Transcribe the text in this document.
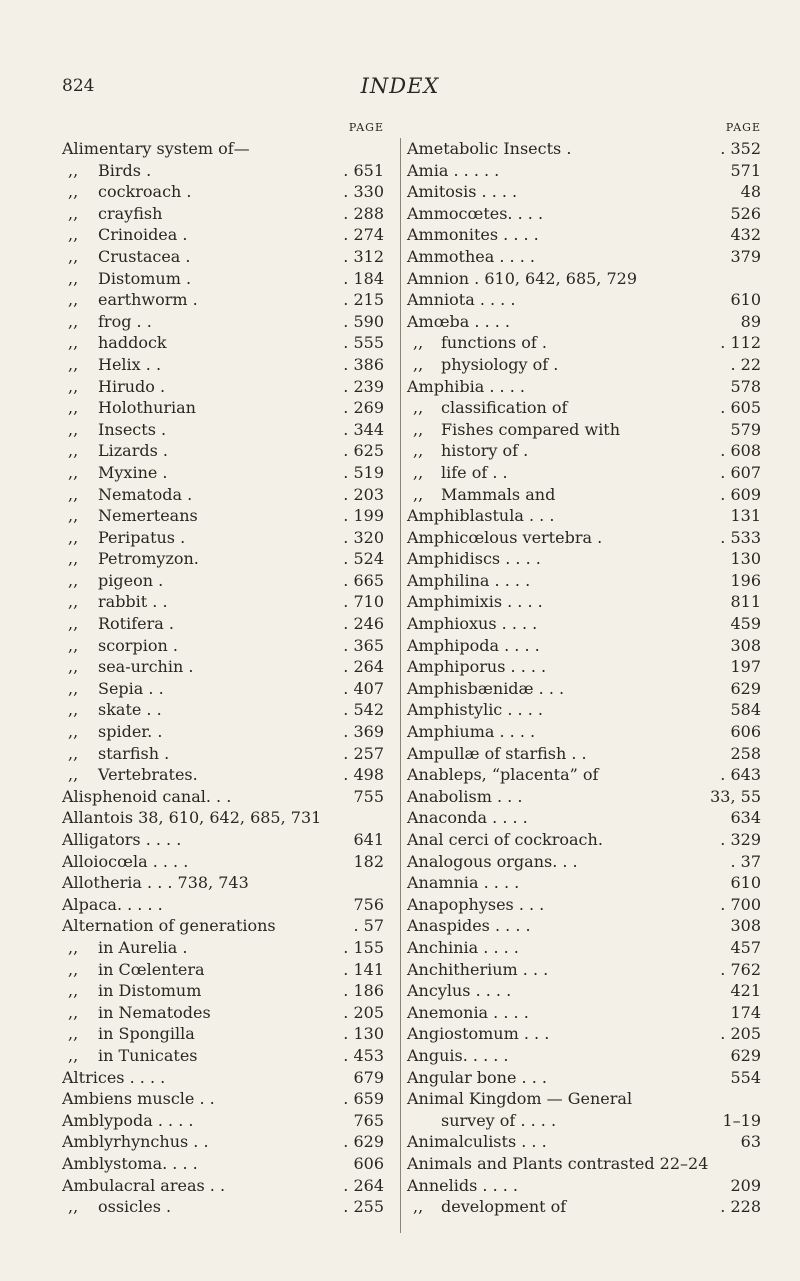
824	INDEX
PAGE
Alimentary system of—
,, Birds .	. 651
,, cockroach .	. 330
,, crayfish	. 288
,, Crinoidea .	. 274
,, Crustacea .	. 312
,, Distomum .	. 184
,, earthworm .	. 215
,, frog . .	. 590
,, haddock	. 555
,, Helix . .	. 386
,, Hirudo .	. 239
,, Holothurian	. 269
,, Insects .	. 344
,, Lizards .	. 625
,, Myxine .	. 519
,, Nematoda .	. 203
,, Nemerteans	. 199
,, Peripatus .	. 320
,, Petromyzon.	. 524
,, pigeon .	. 665
,, rabbit . .	. 710
,, Rotifera .	. 246
,, scorpion .	. 365
,, sea-urchin .	. 264
,, Sepia . .	. 407
,, skate . .	. 542
,, spider. .	. 369
,, starfish .	. 257
,, Vertebrates.	. 498
Alisphenoid canal. . .	755
Allantois 38, 610, 642, 685, 731
Alligators . . . .	641
Alloiocœla . . . .	182
Allotheria . . . 738, 743
Alpaca. . . . .	756
Alternation of generations	. 57
,, in Aurelia .	. 155
,, in Cœlentera	. 141
,, in Distomum	. 186
,, in Nematodes	. 205
,, in Spongilla	. 130
,, in Tunicates	. 453
Altrices . . . .	679
Ambiens muscle . .	. 659
Amblypoda . . . .	765
Amblyrhynchus . .	. 629
Amblystoma. . . .	606
Ambulacral areas . .	. 264
,, ossicles .	. 255
PAGE
Ametabolic Insects .	. 352
Amia . . . . .	571
Amitosis . . . .	48
Ammocœtes. . . .	526
Ammonites . . . .	432
Ammothea . . . .	379
Amnion . 610, 642, 685, 729
Amniota . . . .	610
Amœba . . . .	89
,, functions of .	. 112
,, physiology of .	. 22
Amphibia . . . .	578
,, classification of	. 605
,, Fishes compared with	579
,, history of .	. 608
,, life of . .	. 607
,, Mammals and	. 609
Amphiblastula . . .	131
Amphicœlous vertebra .	. 533
Amphidiscs . . . .	130
Amphilina . . . .	196
Amphimixis . . . .	811
Amphioxus . . . .	459
Amphipoda . . . .	308
Amphiporus . . . .	197
Amphisbænidæ . . .	629
Amphistylic . . . .	584
Amphiuma . . . .	606
Ampullæ of starfish . .	258
Anableps, “placenta” of	. 643
Anabolism . . .	33, 55
Anaconda . . . .	634
Anal cerci of cockroach.	. 329
Analogous organs. . .	. 37
Anamnia . . . .	610
Anapophyses . . .	. 700
Anaspides . . . .	308
Anchinia . . . .	457
Anchitherium . . .	. 762
Ancylus . . . .	421
Anemonia . . . .	174
Angiostomum . . .	. 205
Anguis. . . . .	629
Angular bone . . .	554
Animal Kingdom — General
survey of . . . .	1–19
Animalculists . . .	63
Animals and Plants contrasted 22–24
Annelids . . . .	209
,, development of	. 228
